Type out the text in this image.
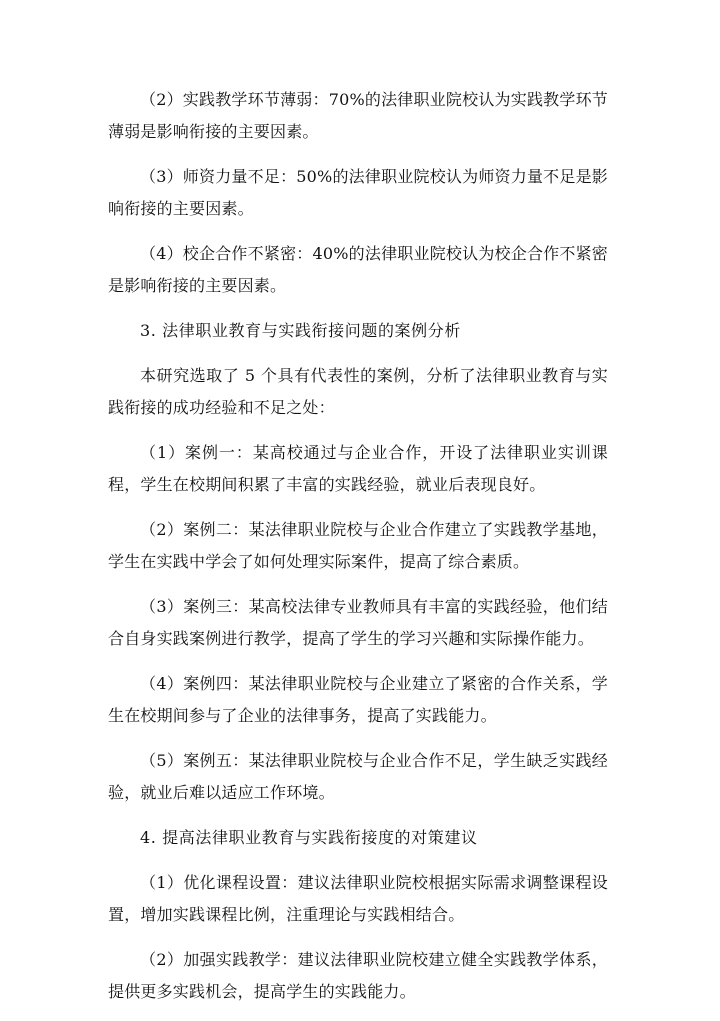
（2）实践教学环节薄弱：70%的法律职业院校认为实践教学环节薄弱是影响衔接的主要因素。

（3）师资力量不足：50%的法律职业院校认为师资力量不足是影响衔接的主要因素。

（4）校企合作不紧密：40%的法律职业院校认为校企合作不紧密是影响衔接的主要因素。

3. 法律职业教育与实践衔接问题的案例分析

本研究选取了 5 个具有代表性的案例，分析了法律职业教育与实践衔接的成功经验和不足之处：

（1）案例一：某高校通过与企业合作，开设了法律职业实训课程，学生在校期间积累了丰富的实践经验，就业后表现良好。

（2）案例二：某法律职业院校与企业合作建立了实践教学基地，学生在实践中学会了如何处理实际案件，提高了综合素质。

（3）案例三：某高校法律专业教师具有丰富的实践经验，他们结合自身实践案例进行教学，提高了学生的学习兴趣和实际操作能力。

（4）案例四：某法律职业院校与企业建立了紧密的合作关系，学生在校期间参与了企业的法律事务，提高了实践能力。

（5）案例五：某法律职业院校与企业合作不足，学生缺乏实践经验，就业后难以适应工作环境。

4. 提高法律职业教育与实践衔接度的对策建议

（1）优化课程设置：建议法律职业院校根据实际需求调整课程设置，增加实践课程比例，注重理论与实践相结合。

（2）加强实践教学：建议法律职业院校建立健全实践教学体系，提供更多实践机会，提高学生的实践能力。
